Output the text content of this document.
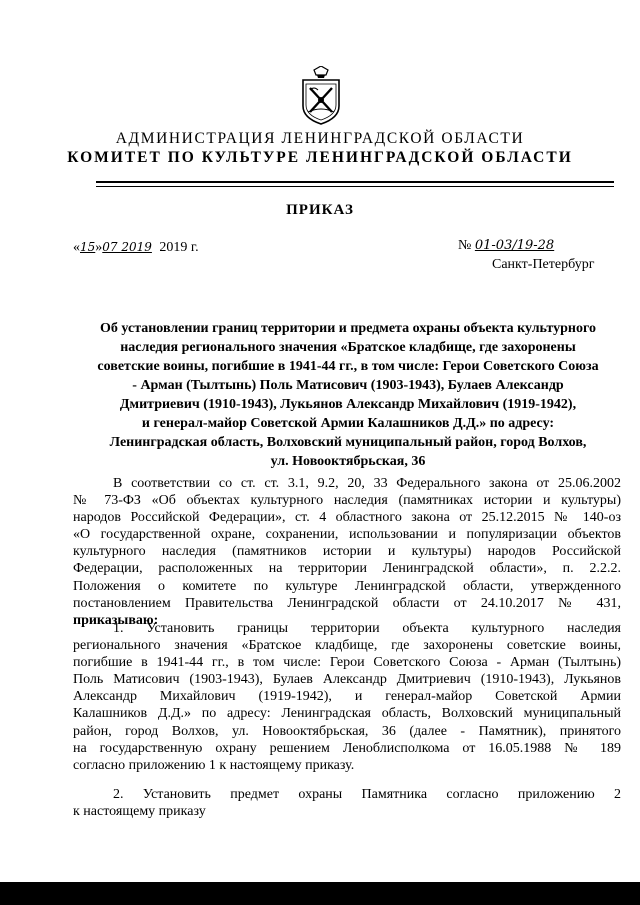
АДМИНИСТРАЦИЯ ЛЕНИНГРАДСКОЙ ОБЛАСТИ
КОМИТЕТ ПО КУЛЬТУРЕ ЛЕНИНГРАДСКОЙ ОБЛАСТИ
ПРИКАЗ
«15»07 2019 2019 г.	№ 01-03/19-28
Санкт-Петербург
Об установлении границ территории и предмета охраны объекта культурного
наследия регионального значения «Братское кладбище, где захоронены
советские воины, погибшие в 1941-44 гг., в том числе: Герои Советского Союза
- Арман (Тылтынь) Поль Матисович (1903-1943), Булаев Александр
Дмитриевич (1910-1943), Лукьянов Александр Михайлович (1919-1942),
и генерал-майор Советской Армии Калашников Д.Д.» по адресу:
Ленинградская область, Волховский муниципальный район, город Волхов,
ул. Новооктябрьская, 36
В соответствии со ст. ст. 3.1, 9.2, 20, 33 Федерального закона от 25.06.2002
№ 73-ФЗ «Об объектах культурного наследия (памятниках истории и культуры)
народов Российской Федерации», ст. 4 областного закона от 25.12.2015 № 140-оз
«О государственной охране, сохранении, использовании и популяризации объектов
культурного наследия (памятников истории и культуры) народов Российской
Федерации, расположенных на территории Ленинградской области», п. 2.2.2.
Положения о комитете по культуре Ленинградской области, утвержденного
постановлением Правительства Ленинградской области от 24.10.2017 № 431,
приказываю:
1. Установить границы территории объекта культурного наследия
регионального значения «Братское кладбище, где захоронены советские воины,
погибшие в 1941-44 гг., в том числе: Герои Советского Союза - Арман (Тылтынь)
Поль Матисович (1903-1943), Булаев Александр Дмитриевич (1910-1943), Лукьянов
Александр Михайлович (1919-1942), и генерал-майор Советской Армии
Калашников Д.Д.» по адресу: Ленинградская область, Волховский муниципальный
район, город Волхов, ул. Новооктябрьская, 36 (далее - Памятник), принятого
на государственную охрану решением Леноблисполкома от 16.05.1988 № 189
согласно приложению 1 к настоящему приказу.
2. Установить предмет охраны Памятника согласно приложению 2
к настоящему приказу
